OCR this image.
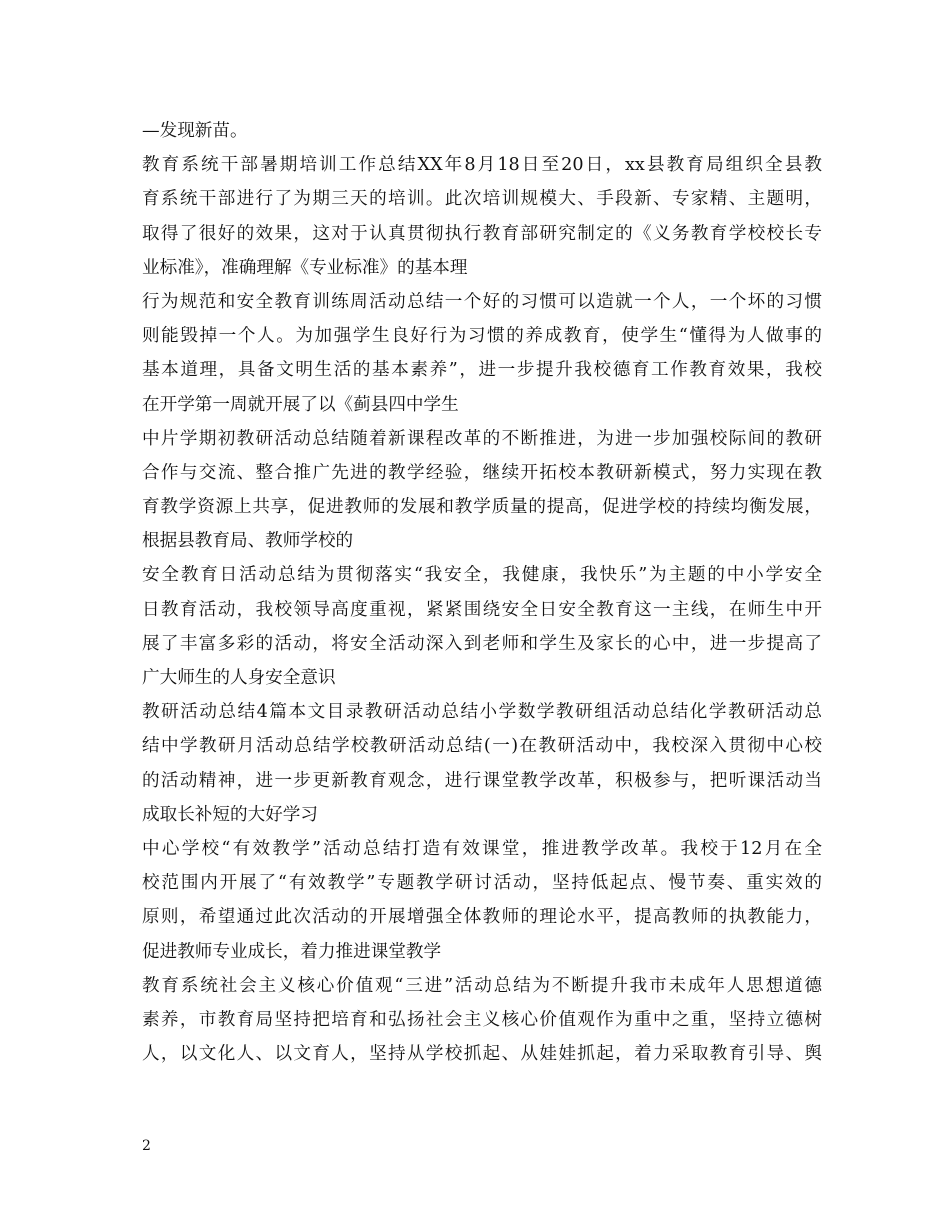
—发现新苗。
教育系统干部暑期培训工作总结XX年8月18日至20日，xx县教育局组织全县教
育系统干部进行了为期三天的培训。此次培训规模大、手段新、专家精、主题明，
取得了很好的效果，这对于认真贯彻执行教育部研究制定的《义务教育学校校长专
业标准》，准确理解《专业标准》的基本理
行为规范和安全教育训练周活动总结一个好的习惯可以造就一个人，一个坏的习惯
则能毁掉一个人。为加强学生良好行为习惯的养成教育，使学生“懂得为人做事的
基本道理，具备文明生活的基本素养”，进一步提升我校德育工作教育效果，我校
在开学第一周就开展了以《蓟县四中学生
中片学期初教研活动总结随着新课程改革的不断推进，为进一步加强校际间的教研
合作与交流、整合推广先进的教学经验，继续开拓校本教研新模式，努力实现在教
育教学资源上共享，促进教师的发展和教学质量的提高，促进学校的持续均衡发展，
根据县教育局、教师学校的
安全教育日活动总结为贯彻落实“我安全，我健康，我快乐”为主题的中小学安全
日教育活动，我校领导高度重视，紧紧围绕安全日安全教育这一主线，在师生中开
展了丰富多彩的活动，将安全活动深入到老师和学生及家长的心中，进一步提高了
广大师生的人身安全意识
教研活动总结4篇本文目录教研活动总结小学数学教研组活动总结化学教研活动总
结中学教研月活动总结学校教研活动总结(一)在教研活动中，我校深入贯彻中心校
的活动精神，进一步更新教育观念，进行课堂教学改革，积极参与，把听课活动当
成取长补短的大好学习
中心学校“有效教学”活动总结打造有效课堂，推进教学改革。我校于12月在全
校范围内开展了“有效教学”专题教学研讨活动，坚持低起点、慢节奏、重实效的
原则，希望通过此次活动的开展增强全体教师的理论水平，提高教师的执教能力，
促进教师专业成长，着力推进课堂教学
教育系统社会主义核心价值观“三进”活动总结为不断提升我市未成年人思想道德
素养，市教育局坚持把培育和弘扬社会主义核心价值观作为重中之重，坚持立德树
人，以文化人、以文育人，坚持从学校抓起、从娃娃抓起，着力采取教育引导、舆
2
